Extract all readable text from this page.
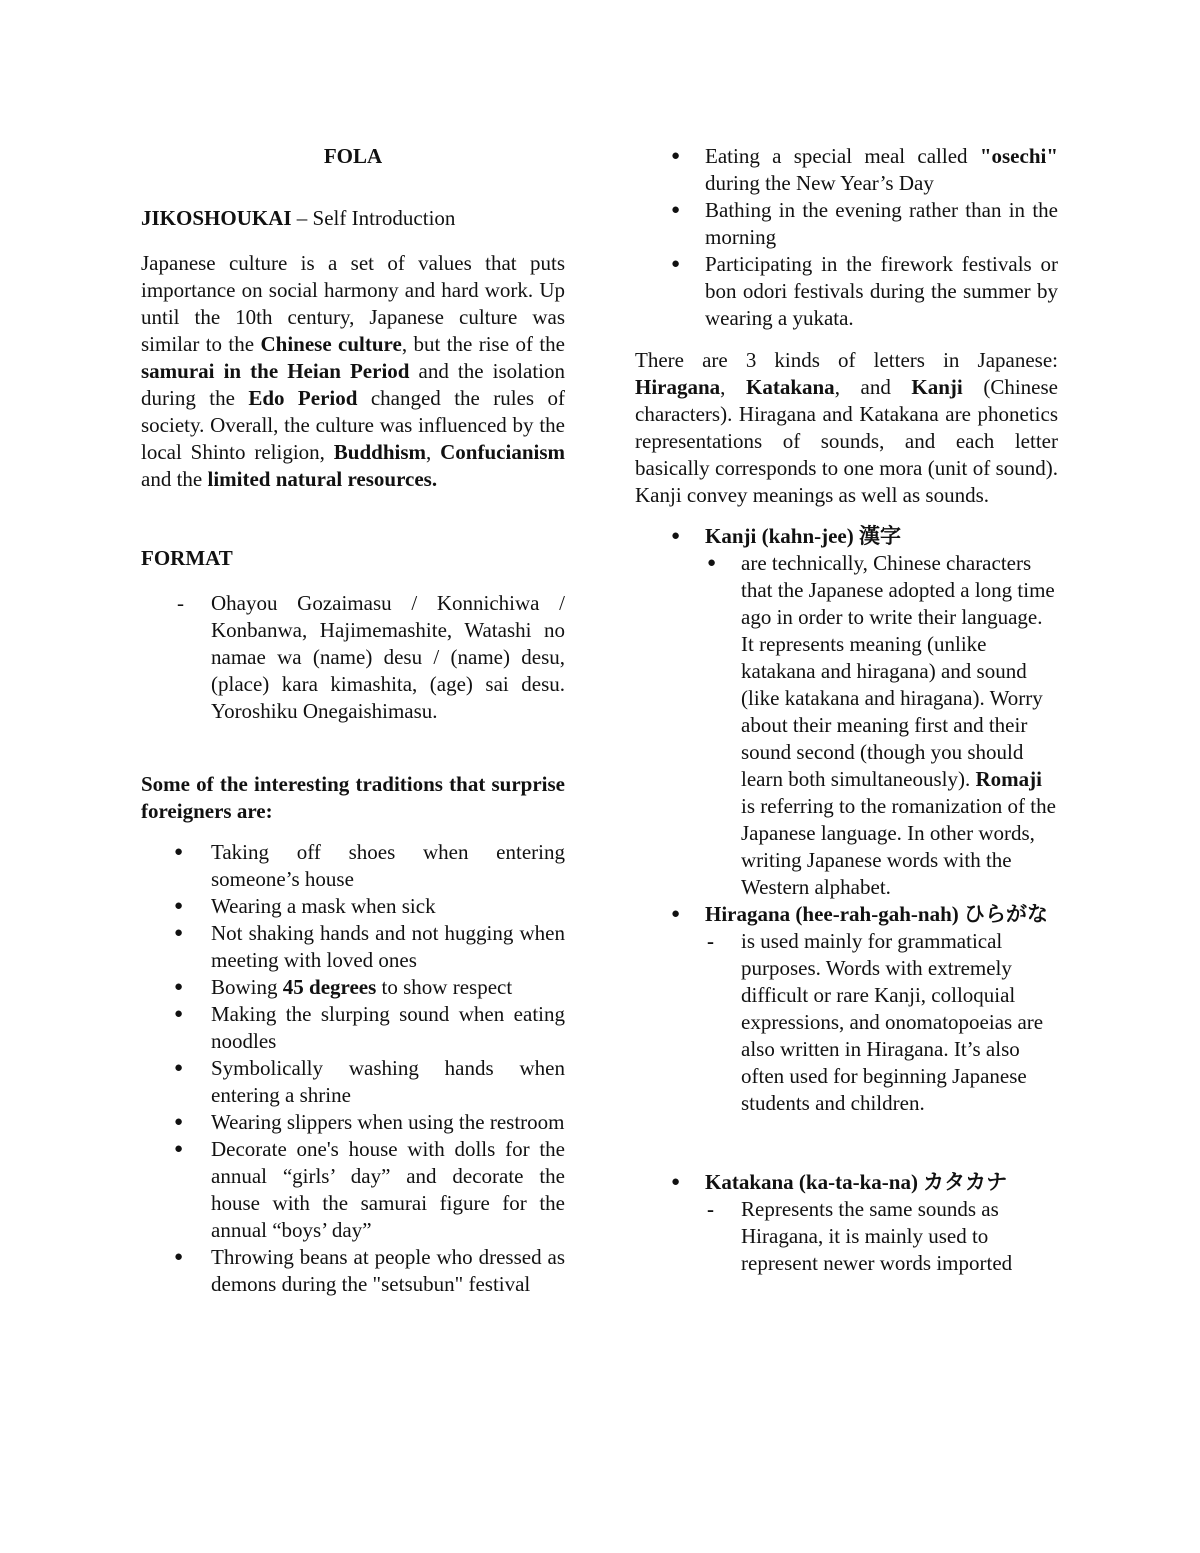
FOLA

JIKOSHOUKAI – Self Introduction

Japanese culture is a set of values that puts importance on social harmony and hard work. Up until the 10th century, Japanese culture was similar to the Chinese culture, but the rise of the samurai in the Heian Period and the isolation during the Edo Period changed the rules of society. Overall, the culture was influenced by the local Shinto religion, Buddhism, Confucianism and the limited natural resources.

FORMAT

- Ohayou Gozaimasu / Konnichiwa / Konbanwa, Hajimemashite, Watashi no namae wa (name) desu / (name) desu, (place) kara kimashita, (age) sai desu. Yoroshiku Onegaishimasu.

Some of the interesting traditions that surprise foreigners are:

● Taking off shoes when entering someone’s house
● Wearing a mask when sick
● Not shaking hands and not hugging when meeting with loved ones
● Bowing 45 degrees to show respect
● Making the slurping sound when eating noodles
● Symbolically washing hands when entering a shrine
● Wearing slippers when using the restroom
● Decorate one's house with dolls for the annual “girls’ day” and decorate the house with the samurai figure for the annual “boys’ day”
● Throwing beans at people who dressed as demons during the "setsubun" festival
● Eating a special meal called "osechi" during the New Year’s Day
● Bathing in the evening rather than in the morning
● Participating in the firework festivals or bon odori festivals during the summer by wearing a yukata.

There are 3 kinds of letters in Japanese: Hiragana, Katakana, and Kanji (Chinese characters). Hiragana and Katakana are phonetics representations of sounds, and each letter basically corresponds to one mora (unit of sound). Kanji convey meanings as well as sounds.

● Kanji (kahn-jee) 漢字
● are technically, Chinese characters that the Japanese adopted a long time ago in order to write their language. It represents meaning (unlike katakana and hiragana) and sound (like katakana and hiragana). Worry about their meaning first and their sound second (though you should learn both simultaneously). Romaji is referring to the romanization of the Japanese language. In other words, writing Japanese words with the Western alphabet.
● Hiragana (hee-rah-gah-nah) ひらがな
- is used mainly for grammatical purposes. Words with extremely difficult or rare Kanji, colloquial expressions, and onomatopoeias are also written in Hiragana. It’s also often used for beginning Japanese students and children.
● Katakana (ka-ta-ka-na) カタカナ
- Represents the same sounds as Hiragana, it is mainly used to represent newer words imported
